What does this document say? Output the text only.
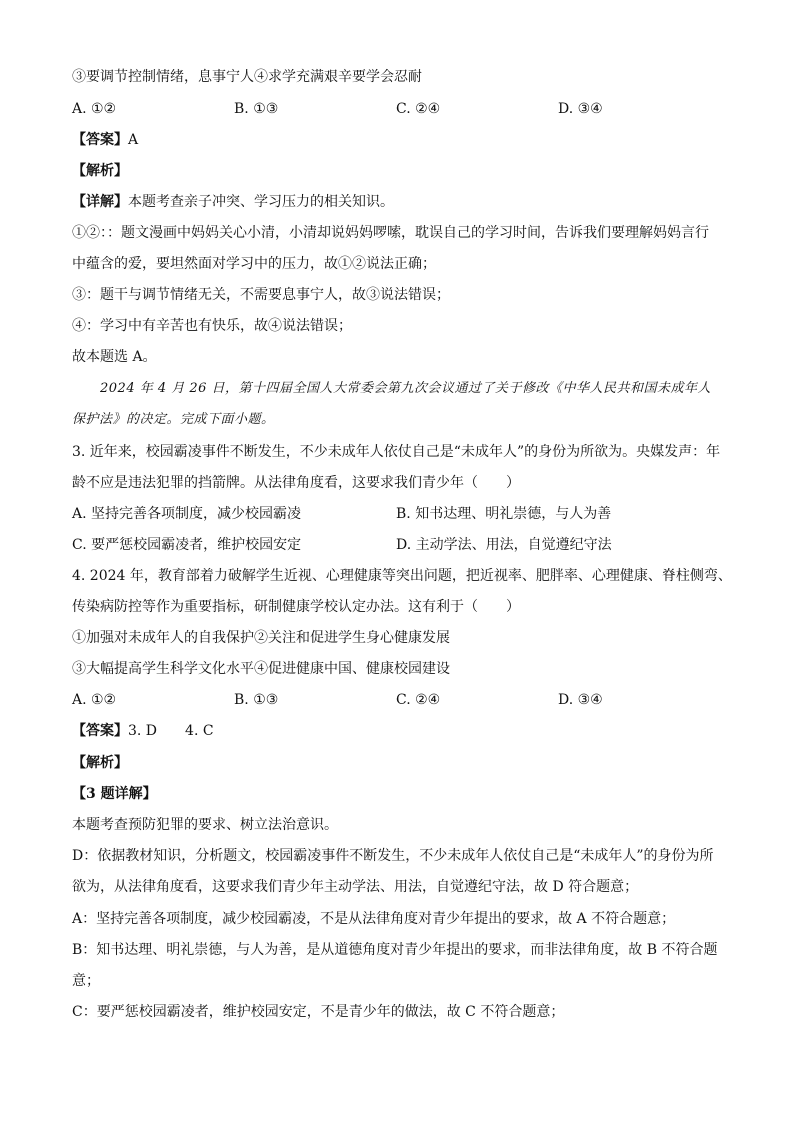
③要调节控制情绪，息事宁人④求学充满艰辛要学会忍耐
A. ①②	B. ①③	C. ②④	D. ③④
【答案】A
【解析】
【详解】本题考查亲子冲突、学习压力的相关知识。
①②：：题文漫画中妈妈关心小清，小清却说妈妈啰嗦，耽误自己的学习时间，告诉我们要理解妈妈言行
中蕴含的爱，要坦然面对学习中的压力，故①②说法正确；
③：题干与调节情绪无关，不需要息事宁人，故③说法错误；
④：学习中有辛苦也有快乐，故④说法错误；
故本题选 A。
2024 年 4 月 26 日，第十四届全国人大常委会第九次会议通过了关于修改《中华人民共和国未成年人
保护法》的决定。完成下面小题。
3. 近年来，校园霸凌事件不断发生，不少未成年人依仗自己是“未成年人”的身份为所欲为。央媒发声：年
龄不应是违法犯罪的挡箭牌。从法律角度看，这要求我们青少年（　　）
A. 坚持完善各项制度，减少校园霸凌	B. 知书达理、明礼崇德，与人为善
C. 要严惩校园霸凌者，维护校园安定	D. 主动学法、用法，自觉遵纪守法
4. 2024 年，教育部着力破解学生近视、心理健康等突出问题，把近视率、肥胖率、心理健康、脊柱侧弯、
传染病防控等作为重要指标，研制健康学校认定办法。这有利于（　　）
①加强对未成年人的自我保护②关注和促进学生身心健康发展
③大幅提高学生科学文化水平④促进健康中国、健康校园建设
A. ①②	B. ①③	C. ②④	D. ③④
【答案】3. D　　4. C
【解析】
【3 题详解】
本题考查预防犯罪的要求、树立法治意识。
D：依据教材知识，分析题文，校园霸凌事件不断发生，不少未成年人依仗自己是“未成年人”的身份为所
欲为，从法律角度看，这要求我们青少年主动学法、用法，自觉遵纪守法，故 D 符合题意；
A：坚持完善各项制度，减少校园霸凌，不是从法律角度对青少年提出的要求，故 A 不符合题意；
B：知书达理、明礼崇德，与人为善，是从道德角度对青少年提出的要求，而非法律角度，故 B 不符合题
意；
C：要严惩校园霸凌者，维护校园安定，不是青少年的做法，故 C 不符合题意；
